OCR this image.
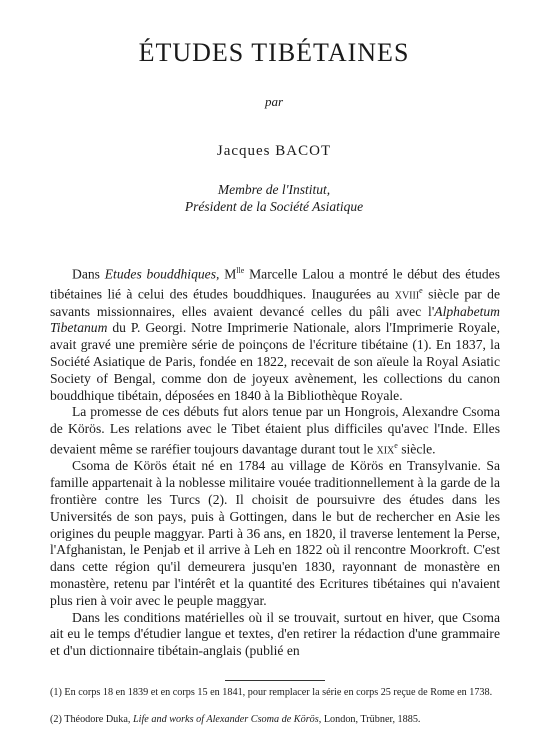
ÉTUDES TIBÉTAINES
par
Jacques BACOT
Membre de l'Institut,
Président de la Société Asiatique

Dans Etudes bouddhiques, $M^{lle}$ Marcelle Lalou a montré le début des études tibétaines lié à celui des études bouddhiques. Inaugurées au xviii$^e$ siècle par de savants missionnaires, elles avaient devancé celles du pâli avec l'Alphabetum Tibetanum du P. Georgi. Notre Imprimerie Nationale, alors l'Imprimerie Royale, avait gravé une première série de poinçons de l'écriture tibétaine (1). En 1837, la Société Asiatique de Paris, fondée en 1822, recevait de son aïeule la Royal Asiatic Society of Bengal, comme don de joyeux avènement, les collections du canon bouddhique tibétain, déposées en 1840 à la Bibliothèque Royale.

La promesse de ces débuts fut alors tenue par un Hongrois, Alexandre Csoma de Körös. Les relations avec le Tibet étaient plus difficiles qu'avec l'Inde. Elles devaient même se raréfier toujours davantage durant tout le xix$^e$ siècle.

Csoma de Körös était né en 1784 au village de Körös en Transylvanie. Sa famille appartenait à la noblesse militaire vouée traditionnellement à la garde de la frontière contre les Turcs (2). Il choisit de poursuivre des études dans les Universités de son pays, puis à Gottingen, dans le but de rechercher en Asie les origines du peuple maggyar. Parti à 36 ans, en 1820, il traverse lentement la Perse, l'Afghanistan, le Penjab et il arrive à Leh en 1822 où il rencontre Moorkroft. C'est dans cette région qu'il demeurera jusqu'en 1830, rayonnant de monastère en monastère, retenu par l'intérêt et la quantité des Ecritures tibétaines qui n'avaient plus rien à voir avec le peuple maggyar.

Dans les conditions matérielles où il se trouvait, surtout en hiver, que Csoma ait eu le temps d'étudier langue et textes, d'en retirer la rédaction d'une grammaire et d'un dictionnaire tibétain-anglais (publié en

(1) En corps 18 en 1839 et en corps 15 en 1841, pour remplacer la série en corps 25 reçue de Rome en 1738.
(2) Théodore Duka, Life and works of Alexander Csoma de Körös, London, Trübner, 1885.
